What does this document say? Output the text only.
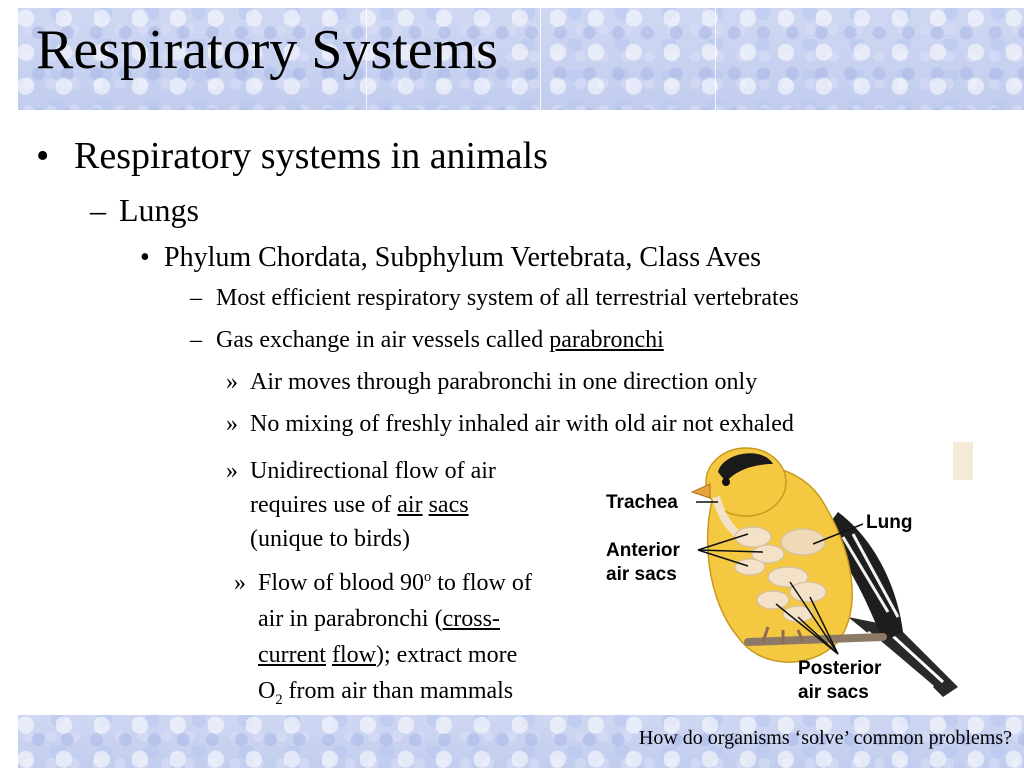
Respiratory Systems
• Respiratory systems in animals
– Lungs
• Phylum Chordata, Subphylum Vertebrata, Class Aves
– Most efficient respiratory system of all terrestrial vertebrates
– Gas exchange in air vessels called parabronchi
» Air moves through parabronchi in one direction only
» No mixing of freshly inhaled air with old air not exhaled
» Unidirectional flow of air
requires use of air sacs
(unique to birds)
» Flow of blood 90$^o$ to flow of
air in parabronchi (cross-
current flow); extract more
$O_2$ from air than mammals
Trachea
Lung
Anterior
air sacs
Posterior
air sacs
How do organisms ‘solve’ common problems?
